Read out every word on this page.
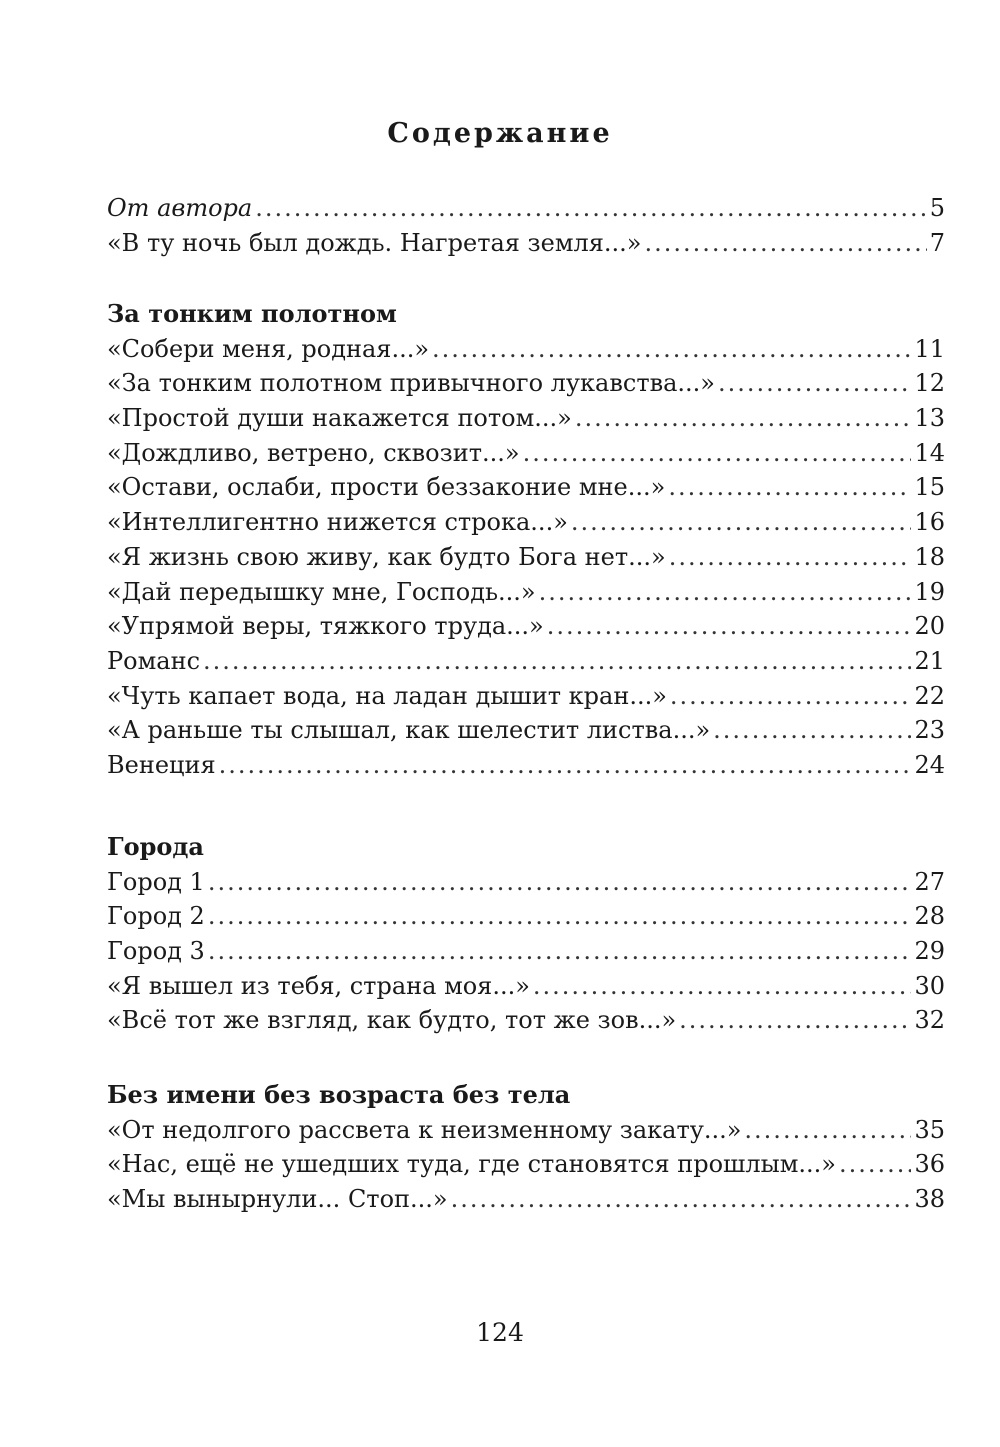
Содержание
От автора .....	5
«В ту ночь был дождь. Нагретая земля...» .....	7
За тонким полотном
«Собери меня, родная...» .....	11
«За тонким полотном привычного лукавства...» .....	12
«Простой души накажется потом...» .....	13
«Дождливо, ветрено, сквозит...» .....	14
«Остави, ослаби, прости беззаконие мне...» .....	15
«Интеллигентно нижется строка...» .....	16
«Я жизнь свою живу, как будто Бога нет...» .....	18
«Дай передышку мне, Господь...» .....	19
«Упрямой веры, тяжкого труда...» .....	20
Романс .....	21
«Чуть капает вода, на ладан дышит кран...» .....	22
«А раньше ты слышал, как шелестит листва...» .....	23
Венеция .....	24
Города
Город 1 .....	27
Город 2 .....	28
Город 3 .....	29
«Я вышел из тебя, страна моя...» .....	30
«Всё тот же взгляд, как будто, тот же зов...» .....	32
Без имени без возраста без тела
«От недолгого рассвета к неизменному закату...» .....	35
«Нас, ещё не ушедших туда, где становятся прошлым...» .....	36
«Мы вынырнули... Стоп...» .....	38
124
